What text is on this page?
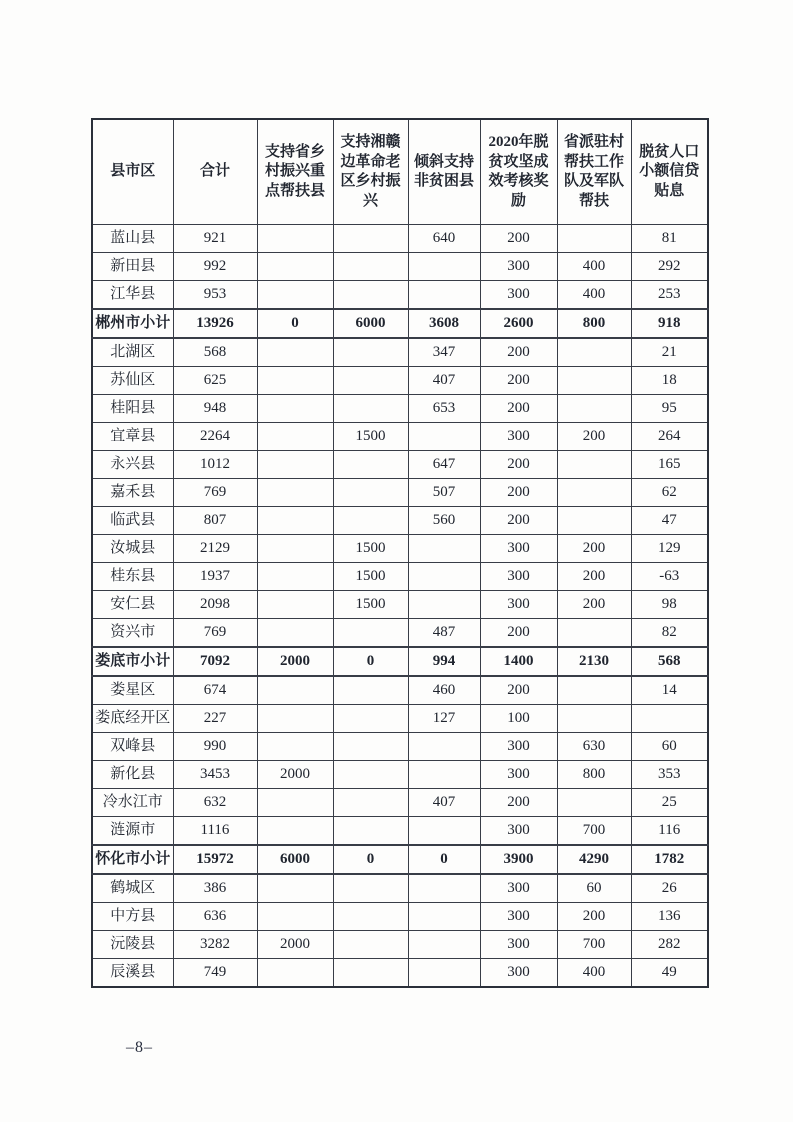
县市区	合计	支持省乡村振兴重点帮扶县	支持湘赣边革命老区乡村振兴	倾斜支持非贫困县	2020年脱贫攻坚成效考核奖励	省派驻村帮扶工作队及军队帮扶	脱贫人口小额信贷贴息
蓝山县	921			640	200		81
新田县	992				300	400	292
江华县	953				300	400	253
郴州市小计	13926	0	6000	3608	2600	800	918
北湖区	568			347	200		21
苏仙区	625			407	200		18
桂阳县	948			653	200		95
宜章县	2264		1500		300	200	264
永兴县	1012			647	200		165
嘉禾县	769			507	200		62
临武县	807			560	200		47
汝城县	2129		1500		300	200	129
桂东县	1937		1500		300	200	-63
安仁县	2098		1500		300	200	98
资兴市	769			487	200		82
娄底市小计	7092	2000	0	994	1400	2130	568
娄星区	674			460	200		14
娄底经开区	227			127	100		
双峰县	990				300	630	60
新化县	3453	2000			300	800	353
冷水江市	632			407	200		25
涟源市	1116				300	700	116
怀化市小计	15972	6000	0	0	3900	4290	1782
鹤城区	386				300	60	26
中方县	636				300	200	136
沅陵县	3282	2000			300	700	282
辰溪县	749				300	400	49
–8–
